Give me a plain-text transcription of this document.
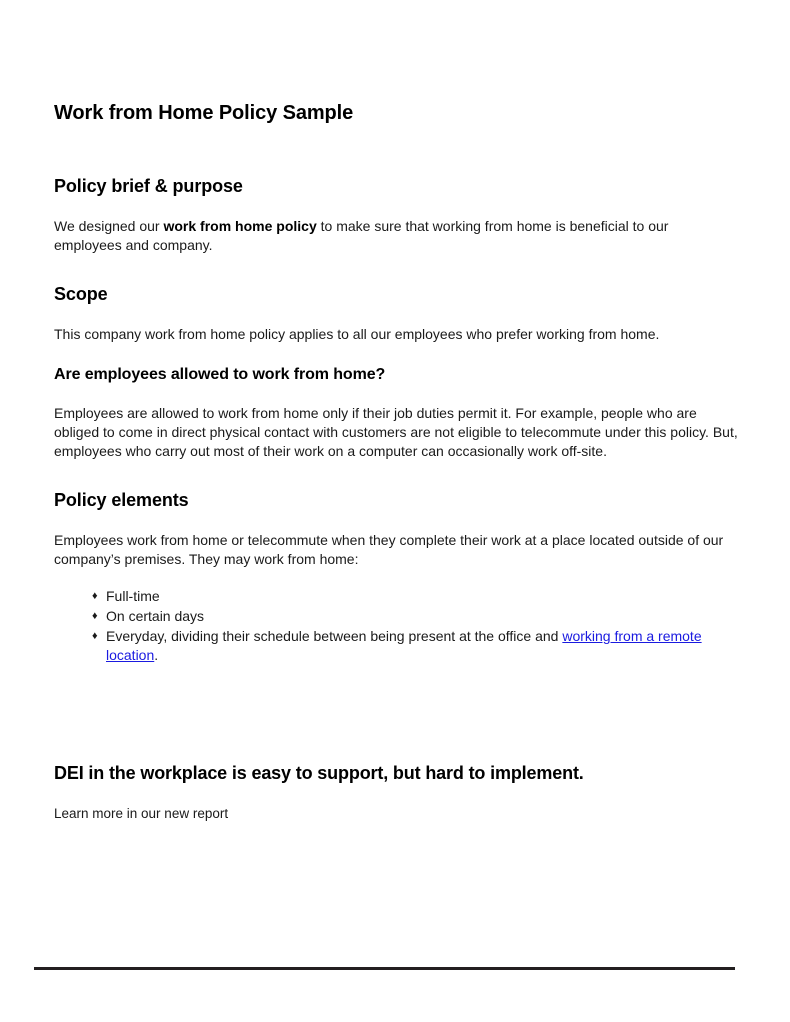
Work from Home Policy Sample
Policy brief & purpose

We designed our work from home policy to make sure that working from home is beneficial to our employees and company.

Scope

This company work from home policy applies to all our employees who prefer working from home.

Are employees allowed to work from home?

Employees are allowed to work from home only if their job duties permit it. For example, people who are obliged to come in direct physical contact with customers are not eligible to telecommute under this policy. But, employees who carry out most of their work on a computer can occasionally work off-site.

Policy elements

Employees work from home or telecommute when they complete their work at a place located outside of our company’s premises. They may work from home:

♦ Full-time
♦ On certain days
♦ Everyday, dividing their schedule between being present at the office and working from a remote location.
DEI in the workplace is easy to support, but hard to implement.

Learn more in our new report
